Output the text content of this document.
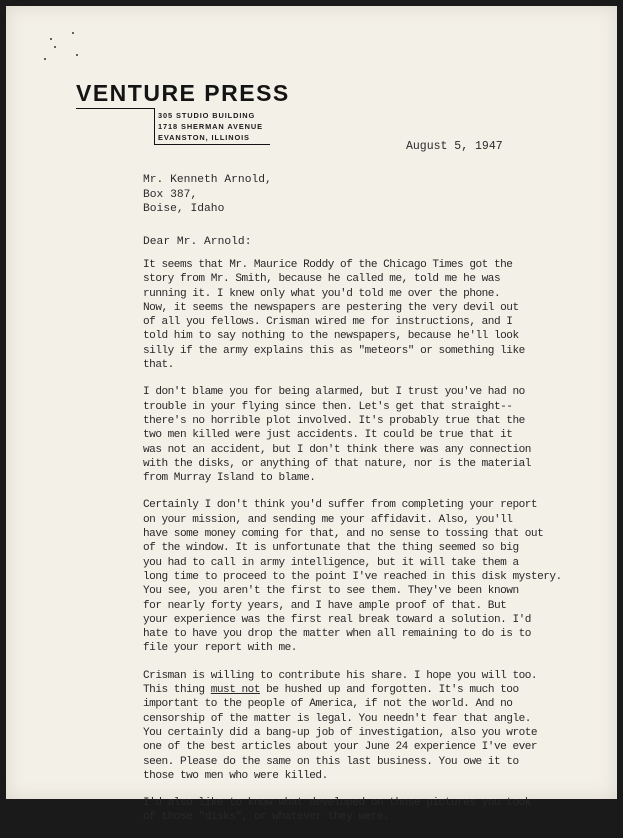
VENTURE PRESS
305 STUDIO BUILDING
1718 SHERMAN AVENUE
EVANSTON, ILLINOIS
August 5, 1947
Mr. Kenneth Arnold,
Box 387,
Boise, Idaho
Dear Mr. Arnold:

It seems that Mr. Maurice Roddy of the Chicago Times got the
story from Mr. Smith, because he called me, told me he was
running it. I knew only what you'd told me over the phone.
Now, it seems the newspapers are pestering the very devil out
of all you fellows. Crisman wired me for instructions, and I
told him to say nothing to the newspapers, because he'll look
silly if the army explains this as "meteors" or something like
that.

I don't blame you for being alarmed, but I trust you've had no
trouble in your flying since then. Let's get that straight--
there's no horrible plot involved. It's probably true that the
two men killed were just accidents. It could be true that it
was not an accident, but I don't think there was any connection
with the disks, or anything of that nature, nor is the material
from Murray Island to blame.

Certainly I don't think you'd suffer from completing your report
on your mission, and sending me your affidavit. Also, you'll
have some money coming for that, and no sense to tossing that out
of the window. It is unfortunate that the thing seemed so big
you had to call in army intelligence, but it will take them a
long time to proceed to the point I've reached in this disk mystery.
You see, you aren't the first to see them. They've been known
for nearly forty years, and I have ample proof of that. But
your experience was the first real break toward a solution. I'd
hate to have you drop the matter when all remaining to do is to
file your report with me.

Crisman is willing to contribute his share. I hope you will too.
This thing must not be hushed up and forgotten. It's much too
important to the people of America, if not the world. And no
censorship of the matter is legal. You needn't fear that angle.
You certainly did a bang-up job of investigation, also you wrote
one of the best articles about your June 24 experience I've ever
seen. Please do the same on this last business. You owe it to
those two men who were killed.

I'd also like to know what developed on those pictures you took
of those "disks", or whatever they were.
